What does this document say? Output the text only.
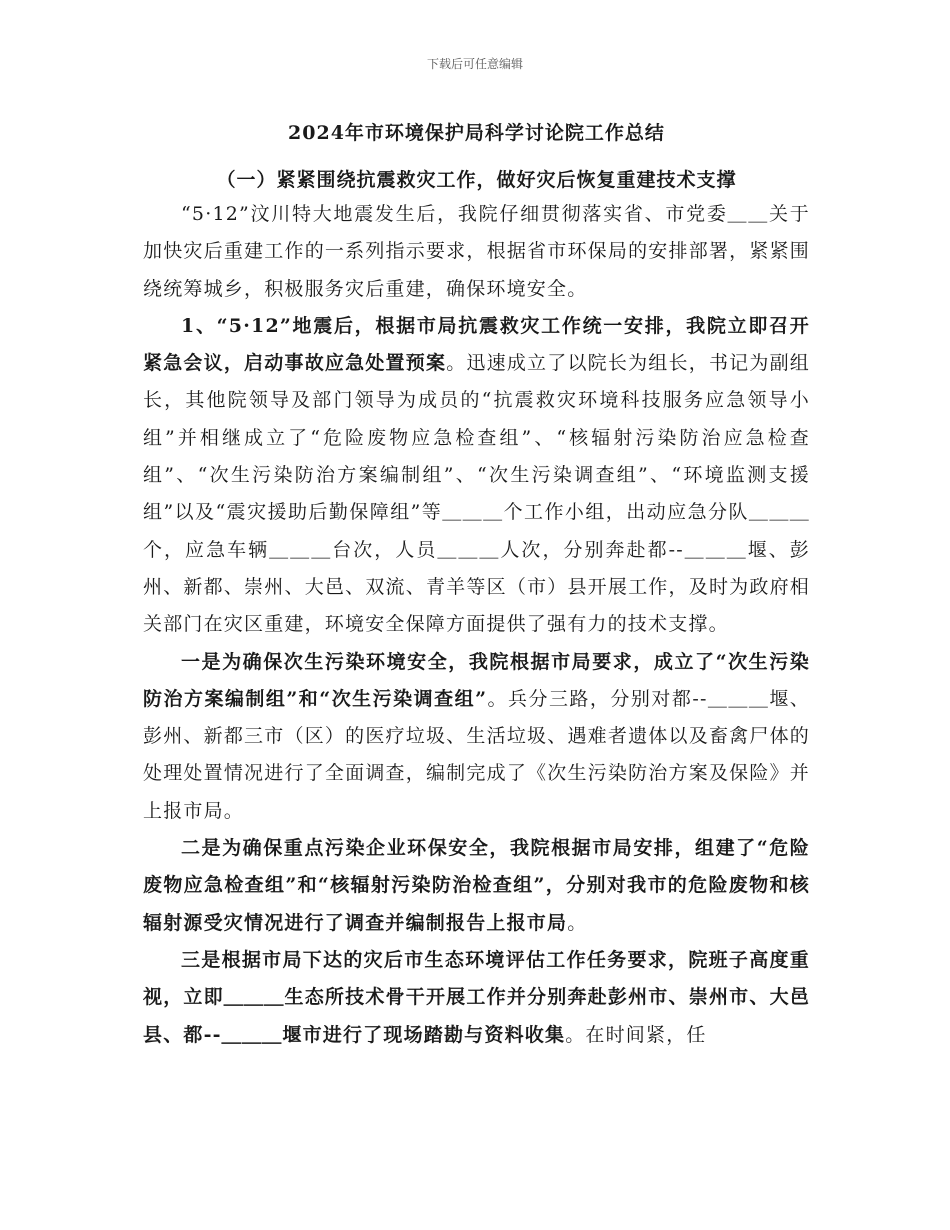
下载后可任意编辑
2024年市环境保护局科学讨论院工作总结
（一）紧紧围绕抗震救灾工作，做好灾后恢复重建技术支撑

“5·12”汶川特大地震发生后，我院仔细贯彻落实省、市党委＿＿关于加快灾后重建工作的一系列指示要求，根据省市环保局的安排部署，紧紧围绕统筹城乡，积极服务灾后重建，确保环境安全。

1、“5·12”地震后，根据市局抗震救灾工作统一安排，我院立即召开紧急会议，启动事故应急处置预案。迅速成立了以院长为组长，书记为副组长，其他院领导及部门领导为成员的“抗震救灾环境科技服务应急领导小组”并相继成立了“危险废物应急检查组”、“核辐射污染防治应急检查组”、“次生污染防治方案编制组”、“次生污染调查组”、“环境监测支援组”以及“震灾援助后勤保障组”等＿＿＿个工作小组，出动应急分队＿＿＿个，应急车辆＿＿＿台次，人员＿＿＿人次，分别奔赴都--＿＿＿堰、彭州、新都、崇州、大邑、双流、青羊等区（市）县开展工作，及时为政府相关部门在灾区重建，环境安全保障方面提供了强有力的技术支撑。

一是为确保次生污染环境安全，我院根据市局要求，成立了“次生污染防治方案编制组”和“次生污染调查组”。兵分三路，分别对都--＿＿＿堰、彭州、新都三市（区）的医疗垃圾、生活垃圾、遇难者遗体以及畜禽尸体的处理处置情况进行了全面调查，编制完成了《次生污染防治方案及保险》并上报市局。

二是为确保重点污染企业环保安全，我院根据市局安排，组建了“危险废物应急检查组”和“核辐射污染防治检查组”，分别对我市的危险废物和核辐射源受灾情况进行了调查并编制报告上报市局。

三是根据市局下达的灾后市生态环境评估工作任务要求，院班子高度重视，立即＿＿＿生态所技术骨干开展工作并分别奔赴彭州市、崇州市、大邑县、都--＿＿＿堰市进行了现场踏勘与资料收集。在时间紧，任
